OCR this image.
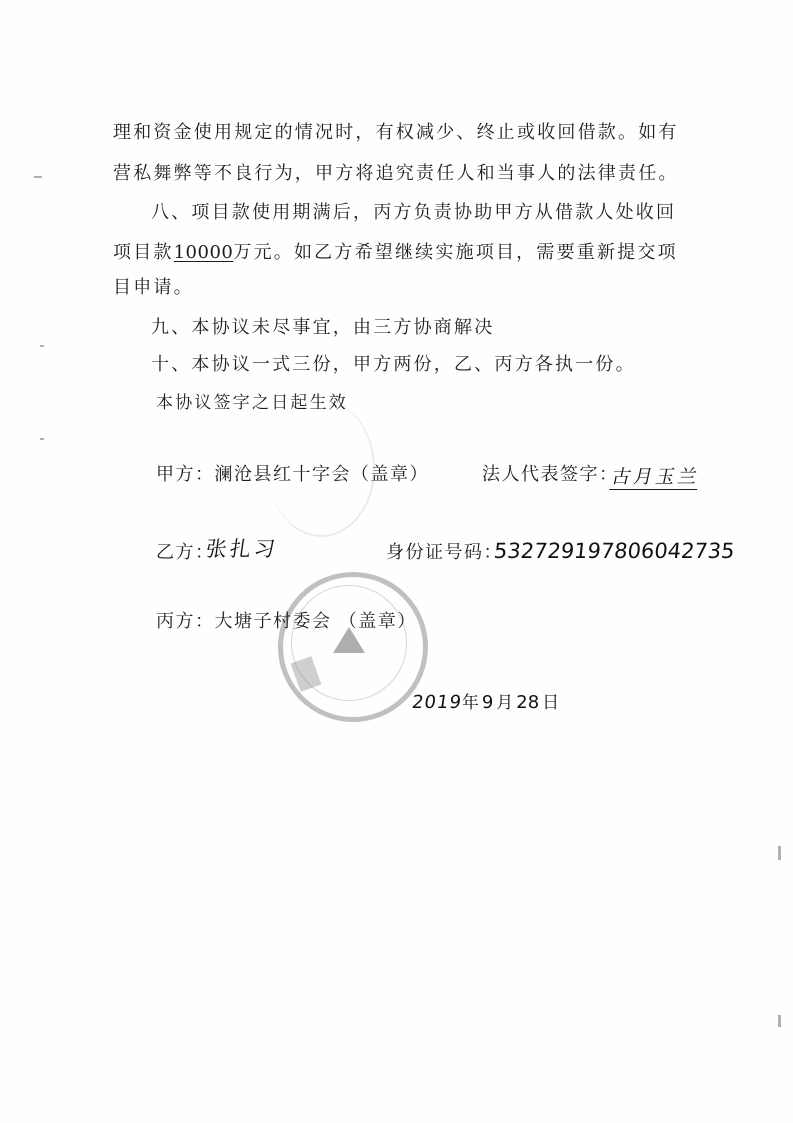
理和资金使用规定的情况时，有权减少、终止或收回借款。如有
营私舞弊等不良行为，甲方将追究责任人和当事人的法律责任。
八、项目款使用期满后，丙方负责协助甲方从借款人处收回
项目款10000万元。如乙方希望继续实施项目，需要重新提交项
目申请。
九、本协议未尽事宜，由三方协商解决
十、本协议一式三份，甲方两份，乙、丙方各执一份。
本协议签字之日起生效
甲方：澜沧县红十字会（盖章）	法人代表签字：
古月玉兰
乙方：
张扎习	身份证号码：
532729197806042735
丙方：大塘子村委会 （盖章）
2019年 9 月 28 日
